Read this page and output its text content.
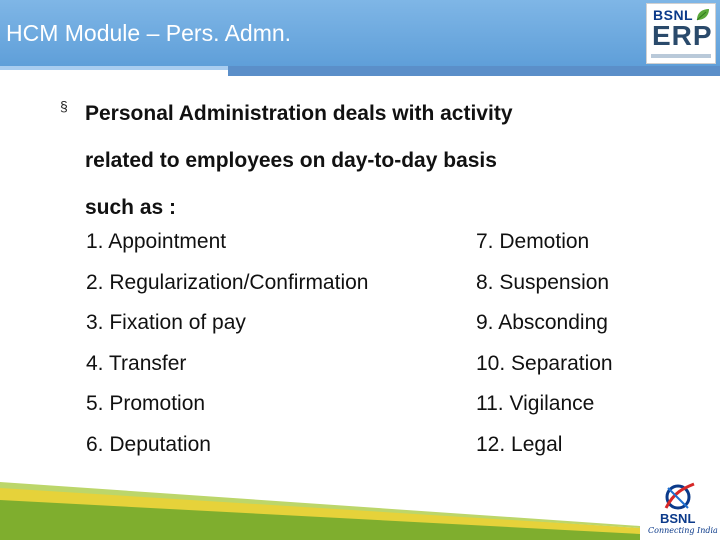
HCM Module – Pers. Admn.
BSNL
ERP
§ Personal Administration deals with activity
related to employees on day-to-day basis
such as :
1. Appointment
2. Regularization/Confirmation
3. Fixation of pay
4. Transfer
5. Promotion
6. Deputation
7. Demotion
8. Suspension
9. Absconding
10. Separation
11. Vigilance
12. Legal
BSNL
Connecting India
